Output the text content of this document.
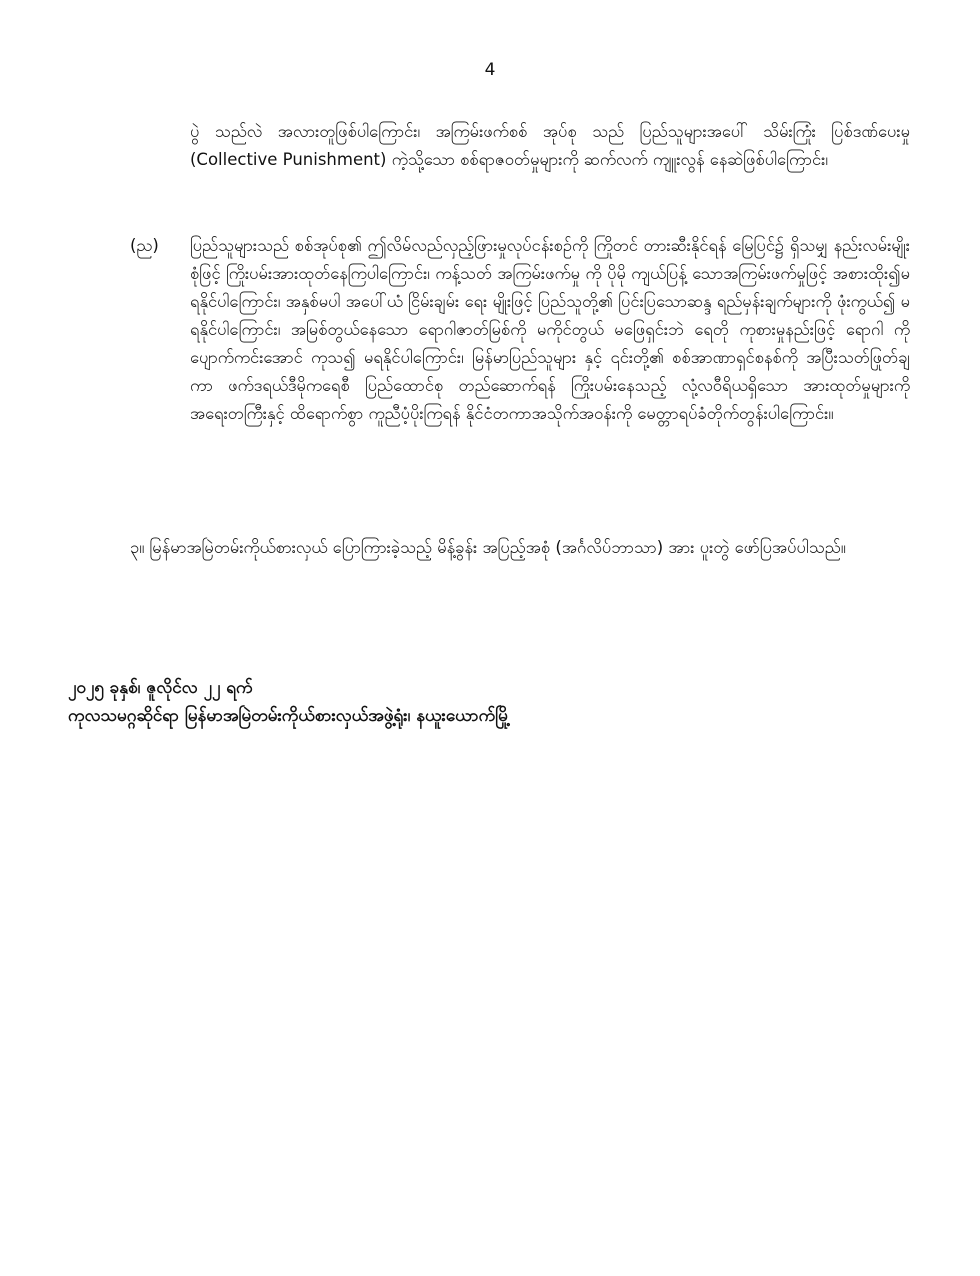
4

ပွဲ သည်လဲ အလားတူဖြစ်ပါကြောင်း၊ အကြမ်းဖက်စစ် အုပ်စု သည် ပြည်သူများအပေါ် သိမ်းကြုံး ပြစ်ဒဏ်ပေးမှု (Collective Punishment) ကဲ့သို့သော စစ်ရာဇဝတ်မှုများကို ဆက်လက် ကျူးလွန် နေဆဲဖြစ်ပါကြောင်း၊

(ည) ပြည်သူများသည် စစ်အုပ်စု၏ ဤလိမ်လည်လှည့်ဖြားမှုလုပ်ငန်းစဉ်ကို ကြိုတင် တားဆီးနိုင်ရန် မြေပြင်၌ ရှိသမျှ နည်းလမ်းမျိုးစုံဖြင့် ကြိုးပမ်းအားထုတ်နေကြပါကြောင်း၊ ကန့်သတ် အကြမ်းဖက်မှု ကို ပိုမို ကျယ်ပြန့် သောအကြမ်းဖက်မှုဖြင့် အစားထိုး၍မရနိုင်ပါကြောင်း၊ အနှစ်မပါ အပေါ်ယံ ငြိမ်းချမ်း ရေး မျိုးဖြင့် ပြည်သူတို့၏ ပြင်းပြသောဆန္ဒ ရည်မှန်းချက်များကို ဖုံးကွယ်၍ မရနိုင်ပါကြောင်း၊ အမြစ်တွယ်နေသော ရောဂါဇာတ်မြစ်ကို မကိုင်တွယ် မဖြေရှင်းဘဲ ရေတို ကုစားမှုနည်းဖြင့် ရောဂါ ကို ပျောက်ကင်းအောင် ကုသ၍ မရနိုင်ပါကြောင်း၊ မြန်မာပြည်သူများ နှင့် ၎င်းတို့၏ စစ်အာဏာရှင်စနစ်ကို အပြီးသတ်ဖြုတ်ချကာ ဖက်ဒရယ်ဒီမိုကရေစီ ပြည်ထောင်စု တည်ဆောက်ရန် ကြိုးပမ်းနေသည့် လုံ့လဝီရိယရှိသော အားထုတ်မှုများကို အရေးတကြီးနှင့် ထိရောက်စွာ ကူညီပံ့ပိုးကြရန် နိုင်ငံတကာအသိုက်အဝန်းကို မေတ္တာရပ်ခံတိုက်တွန်းပါကြောင်း။

၃။ မြန်မာအမြဲတမ်းကိုယ်စားလှယ် ပြောကြားခဲ့သည့် မိန့်ခွန်း အပြည့်အစုံ (အင်္ဂလိပ်ဘာသာ) အား ပူးတွဲ ဖော်ပြအပ်ပါသည်။

၂၀၂၅ ခုနှစ်၊ ဇူလိုင်လ ၂၂ ရက်
ကုလသမဂ္ဂဆိုင်ရာ မြန်မာအမြဲတမ်းကိုယ်စားလှယ်အဖွဲ့ရုံး၊ နယူးယောက်မြို့
